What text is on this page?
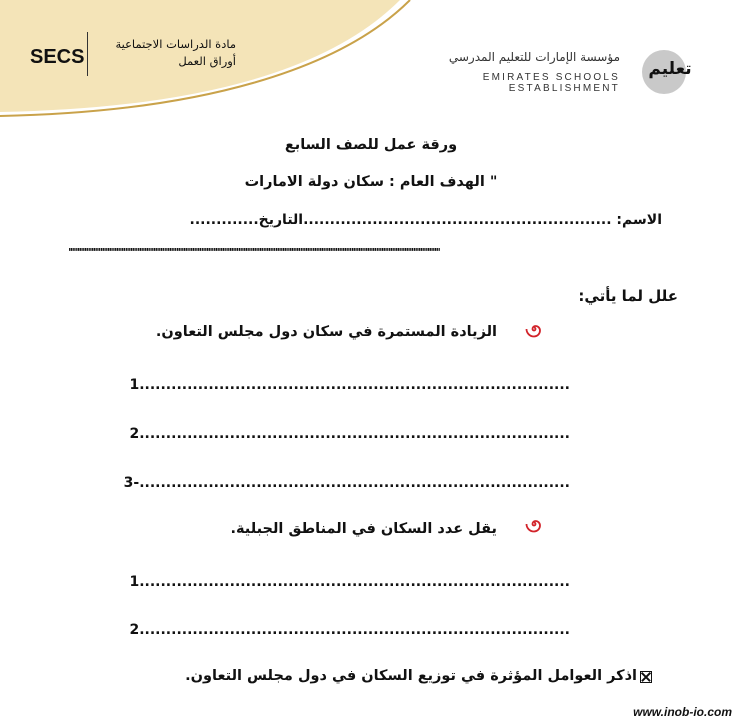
SECS
مادة الدراسات الاجتماعية
أوراق العمل	مؤسسة الإمارات للتعليم المدرسي
EMIRATES SCHOOLS ESTABLISHMENT
تعليم
ورقة عمل للصف السابع
" الهدف العام : سكان دولة الامارات
الاسم: ..........................................................التاريخ.............
''''''''''''''''''''''''''''''''''''''''''''''''''''''''''''''''''''''''''''''''''''''''''''''''''''''''''''''''''''''''''''''''''''''''''''''''''''''''''''''''''''''''''''''''''''''''''''''''''''''''''''''''''
علل لما يأتي:
الزيادة المستمرة في سكان دول مجلس التعاون.
1.................................................................................
2.................................................................................
3-.................................................................................
يقل عدد السكان في المناطق الجبلية.
1.................................................................................
2.................................................................................
اذكر العوامل المؤثرة في توزيع السكان في دول مجلس التعاون.
www.inob-io.com
